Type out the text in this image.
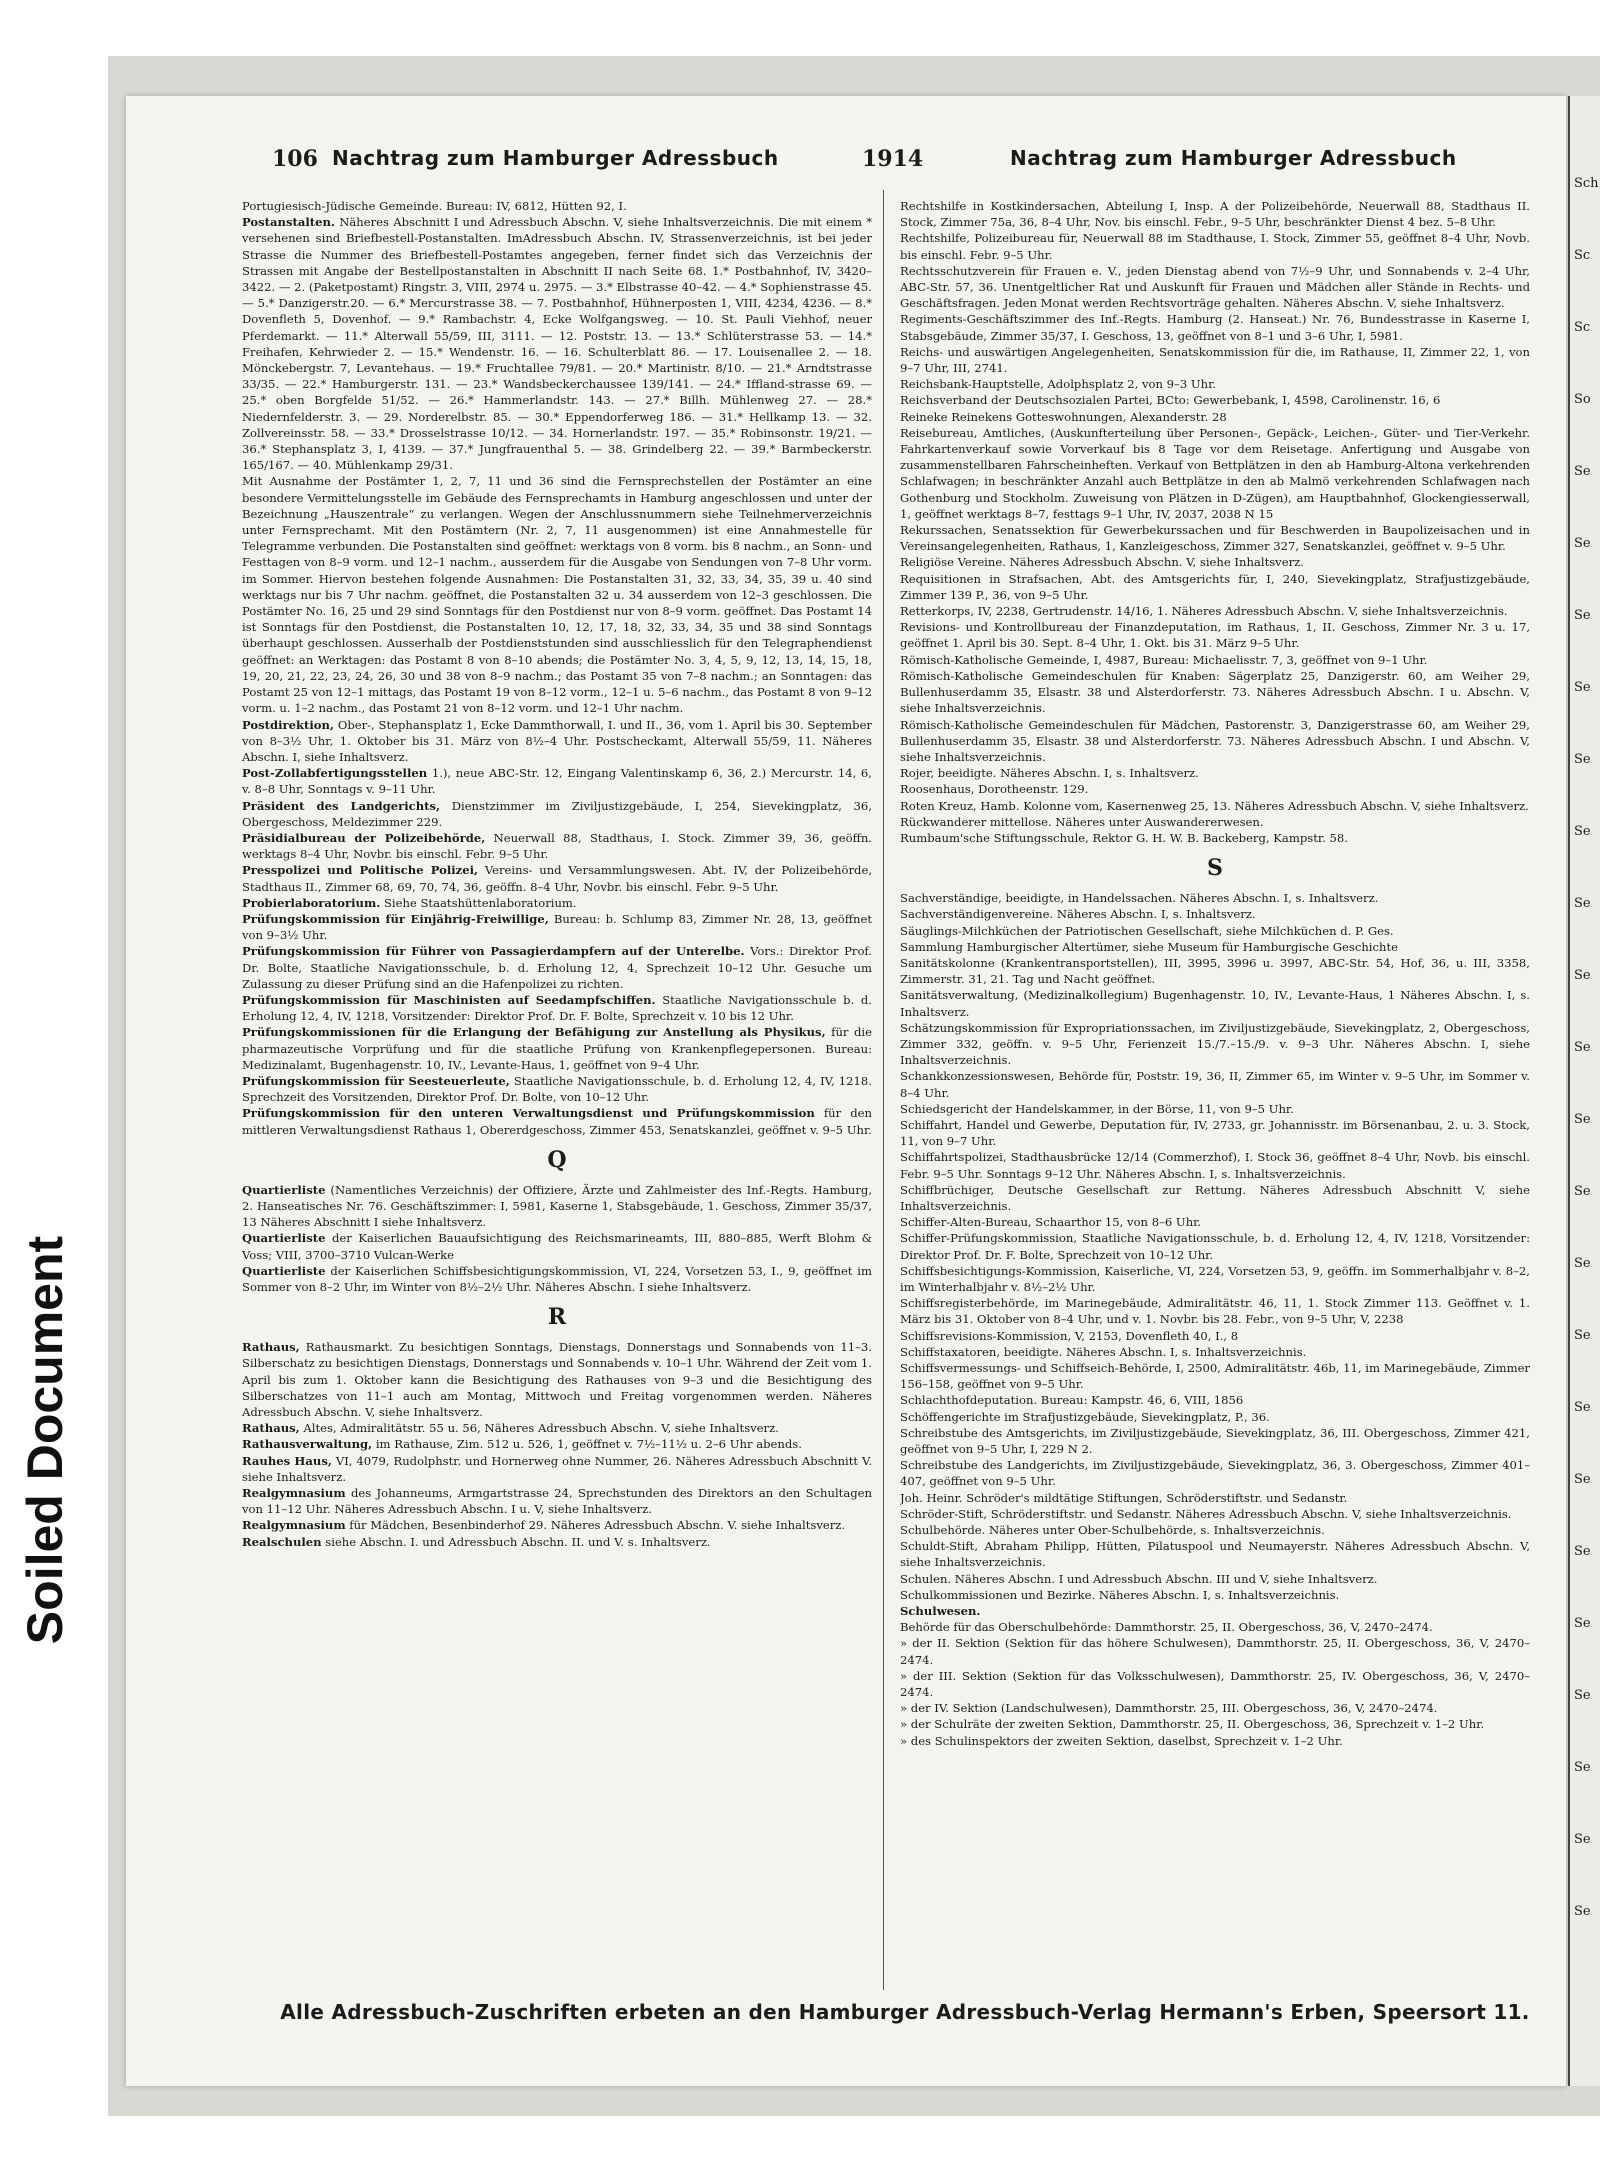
Soiled Document
Sch
Sc
Sc
So
Se
Se
Se
Se
Se
Se
Se
Se
Se
Se
Se
Se
Se
Se
Se
Se
Se
Se
Se
Se
Se
106 Nachtrag zum Hamburger Adressbuch	1914	Nachtrag zum Hamburger Adressbuch

Portugiesisch-Jüdische Gemeinde. Bureau: IV, 6812, Hütten 92, I.

Postanstalten. Näheres Abschnitt I und Adressbuch Abschn. V, siehe Inhaltsverzeichnis. Die mit einem * versehenen sind Briefbestell-Postanstalten. ImAdressbuch Abschn. IV, Strassenverzeichnis, ist bei jeder Strasse die Nummer des Briefbestell-Postamtes angegeben, ferner findet sich das Verzeichnis der Strassen mit Angabe der Bestellpostanstalten in Abschnitt II nach Seite 68. 1.* Postbahnhof, IV, 3420–3422. — 2. (Paketpostamt) Ringstr. 3, VIII, 2974 u. 2975. — 3.* Elbstrasse 40–42. — 4.* Sophienstrasse 45. — 5.* Danzigerstr.20. — 6.* Mercurstrasse 38. — 7. Postbahnhof, Hühnerposten 1, VIII, 4234, 4236. — 8.* Dovenfleth 5, Dovenhof. — 9.* Rambachstr. 4, Ecke Wolfgangsweg. — 10. St. Pauli Viehhof, neuer Pferdemarkt. — 11.* Alterwall 55/59, III, 3111. — 12. Poststr. 13. — 13.* Schlüterstrasse 53. — 14.* Freihafen, Kehrwieder 2. — 15.* Wendenstr. 16. — 16. Schulterblatt 86. — 17. Louisenallee 2. — 18. Mönckebergstr. 7, Levantehaus. — 19.* Fruchtallee 79/81. — 20.* Martinistr. 8/10. — 21.* Arndtstrasse 33/35. — 22.* Hamburgerstr. 131. — 23.* Wandsbeckerchaussee 139/141. — 24.* Iffland-strasse 69. — 25.* oben Borgfelde 51/52. — 26.* Hammerlandstr. 143. — 27.* Billh. Mühlenweg 27. — 28.* Niedernfelderstr. 3. — 29. Norderelbstr. 85. — 30.* Eppendorferweg 186. — 31.* Hellkamp 13. — 32. Zollvereinsstr. 58. — 33.* Drosselstrasse 10/12. — 34. Hornerlandstr. 197. — 35.* Robinsonstr. 19/21. — 36.* Stephansplatz 3, I, 4139. — 37.* Jungfrauenthal 5. — 38. Grindelberg 22. — 39.* Barmbeckerstr. 165/167. — 40. Mühlenkamp 29/31.

Mit Ausnahme der Postämter 1, 2, 7, 11 und 36 sind die Fernsprechstellen der Postämter an eine besondere Vermittelungsstelle im Gebäude des Fernsprechamts in Hamburg angeschlossen und unter der Bezeichnung „Hauszentrale“ zu verlangen. Wegen der Anschlussnummern siehe Teilnehmerverzeichnis unter Fernsprechamt. Mit den Postämtern (Nr. 2, 7, 11 ausgenommen) ist eine Annahmestelle für Telegramme verbunden. Die Postanstalten sind geöffnet: werktags von 8 vorm. bis 8 nachm., an Sonn- und Festtagen von 8–9 vorm. und 12–1 nachm., ausserdem für die Ausgabe von Sendungen von 7–8 Uhr vorm. im Sommer. Hiervon bestehen folgende Ausnahmen: Die Postanstalten 31, 32, 33, 34, 35, 39 u. 40 sind werktags nur bis 7 Uhr nachm. geöffnet, die Postanstalten 32 u. 34 ausserdem von 12–3 geschlossen. Die Postämter No. 16, 25 und 29 sind Sonntags für den Postdienst nur von 8–9 vorm. geöffnet. Das Postamt 14 ist Sonntags für den Postdienst, die Postanstalten 10, 12, 17, 18, 32, 33, 34, 35 und 38 sind Sonntags überhaupt geschlossen. Ausserhalb der Postdienststunden sind ausschliesslich für den Telegraphendienst geöffnet: an Werktagen: das Postamt 8 von 8–10 abends; die Postämter No. 3, 4, 5, 9, 12, 13, 14, 15, 18, 19, 20, 21, 22, 23, 24, 26, 30 und 38 von 8–9 nachm.; das Postamt 35 von 7–8 nachm.; an Sonntagen: das Postamt 25 von 12–1 mittags, das Postamt 19 von 8–12 vorm., 12–1 u. 5–6 nachm., das Postamt 8 von 9–12 vorm. u. 1–2 nachm., das Postamt 21 von 8–12 vorm. und 12–1 Uhr nachm.

Postdirektion, Ober-, Stephansplatz 1, Ecke Dammthorwall, I. und II., 36, vom 1. April bis 30. September von 8–3½ Uhr, 1. Oktober bis 31. März von 8½–4 Uhr. Postscheckamt, Alterwall 55/59, 11. Näheres Abschn. I, siehe Inhaltsverz.

Post-Zollabfertigungsstellen 1.), neue ABC-Str. 12, Eingang Valentinskamp 6, 36, 2.) Mercurstr. 14, 6, v. 8–8 Uhr, Sonntags v. 9–11 Uhr.

Präsident des Landgerichts, Dienstzimmer im Ziviljustizgebäude, I, 254, Sievekingplatz, 36, Obergeschoss, Meldezimmer 229.

Präsidialbureau der Polizeibehörde, Neuerwall 88, Stadthaus, I. Stock. Zimmer 39, 36, geöffn. werktags 8–4 Uhr, Novbr. bis einschl. Febr. 9–5 Uhr.

Presspolizei und Politische Polizei, Vereins- und Versammlungswesen. Abt. IV, der Polizeibehörde, Stadthaus II., Zimmer 68, 69, 70, 74, 36, geöffn. 8–4 Uhr, Novbr. bis einschl. Febr. 9–5 Uhr.

Probierlaboratorium. Siehe Staatshüttenlaboratorium.

Prüfungskommission für Einjährig-Freiwillige, Bureau: b. Schlump 83, Zimmer Nr. 28, 13, geöffnet von 9–3½ Uhr.

Prüfungskommission für Führer von Passagierdampfern auf der Unterelbe. Vors.: Direktor Prof. Dr. Bolte, Staatliche Navigationsschule, b. d. Erholung 12, 4, Sprechzeit 10–12 Uhr. Gesuche um Zulassung zu dieser Prüfung sind an die Hafenpolizei zu richten.

Prüfungskommission für Maschinisten auf Seedampfschiffen. Staatliche Navigationsschule b. d. Erholung 12, 4, IV, 1218, Vorsitzender: Direktor Prof. Dr. F. Bolte, Sprechzeit v. 10 bis 12 Uhr.

Prüfungskommissionen für die Erlangung der Befähigung zur Anstellung als Physikus, für die pharmazeutische Vorprüfung und für die staatliche Prüfung von Krankenpflegepersonen. Bureau: Medizinalamt, Bugenhagenstr. 10, IV., Levante-Haus, 1, geöffnet von 9–4 Uhr.

Prüfungskommission für Seesteuerleute, Staatliche Navigationsschule, b. d. Erholung 12, 4, IV, 1218. Sprechzeit des Vorsitzenden, Direktor Prof. Dr. Bolte, von 10–12 Uhr.

Prüfungskommission für den unteren Verwaltungsdienst und Prüfungskommission für den mittleren Verwaltungsdienst Rathaus 1, Obererdgeschoss, Zimmer 453, Senatskanzlei, geöffnet v. 9–5 Uhr.

Q

Quartierliste (Namentliches Verzeichnis) der Offiziere, Ärzte und Zahlmeister des Inf.-Regts. Hamburg, 2. Hanseatisches Nr. 76. Geschäftszimmer: I, 5981, Kaserne 1, Stabsgebäude, 1. Geschoss, Zimmer 35/37, 13 Näheres Abschnitt I siehe Inhaltsverz.

Quartierliste der Kaiserlichen Bauaufsichtigung des Reichsmarineamts, III, 880–885, Werft Blohm & Voss; VIII, 3700–3710 Vulcan-Werke

Quartierliste der Kaiserlichen Schiffsbesichtigungskommission, VI, 224, Vorsetzen 53, I., 9, geöffnet im Sommer von 8–2 Uhr, im Winter von 8½–2½ Uhr. Näheres Abschn. I siehe Inhaltsverz.

R

Rathaus, Rathausmarkt. Zu besichtigen Sonntags, Dienstags, Donnerstags und Sonnabends von 11–3. Silberschatz zu besichtigen Dienstags, Donnerstags und Sonnabends v. 10–1 Uhr. Während der Zeit vom 1. April bis zum 1. Oktober kann die Besichtigung des Rathauses von 9–3 und die Besichtigung des Silberschatzes von 11–1 auch am Montag, Mittwoch und Freitag vorgenommen werden. Näheres Adressbuch Abschn. V, siehe Inhaltsverz.

Rathaus, Altes, Admiralitätstr. 55 u. 56, Näheres Adressbuch Abschn. V, siehe Inhaltsverz.

Rathausverwaltung, im Rathause, Zim. 512 u. 526, 1, geöffnet v. 7½–11½ u. 2–6 Uhr abends.

Rauhes Haus, VI, 4079, Rudolphstr. und Hornerweg ohne Nummer, 26. Näheres Adressbuch Abschnitt V. siehe Inhaltsverz.

Realgymnasium des Johanneums, Armgartstrasse 24, Sprechstunden des Direktors an den Schultagen von 11–12 Uhr. Näheres Adressbuch Abschn. I u. V, siehe Inhaltsverz.

Realgymnasium für Mädchen, Besenbinderhof 29. Näheres Adressbuch Abschn. V. siehe Inhaltsverz.

Realschulen siehe Abschn. I. und Adressbuch Abschn. II. und V. s. Inhaltsverz.

Rechtshilfe in Kostkindersachen, Abteilung I, Insp. A der Polizeibehörde, Neuerwall 88, Stadthaus II. Stock, Zimmer 75a, 36, 8–4 Uhr, Nov. bis einschl. Febr., 9–5 Uhr, beschränkter Dienst 4 bez. 5–8 Uhr.

Rechtshilfe, Polizeibureau für, Neuerwall 88 im Stadthause, I. Stock, Zimmer 55, geöffnet 8–4 Uhr, Novb. bis einschl. Febr. 9–5 Uhr.

Rechtsschutzverein für Frauen e. V., jeden Dienstag abend von 7½–9 Uhr, und Sonnabends v. 2–4 Uhr, ABC-Str. 57, 36. Unentgeltlicher Rat und Auskunft für Frauen und Mädchen aller Stände in Rechts- und Geschäftsfragen. Jeden Monat werden Rechtsvorträge gehalten. Näheres Abschn. V, siehe Inhaltsverz.

Regiments-Geschäftszimmer des Inf.-Regts. Hamburg (2. Hanseat.) Nr. 76, Bundesstrasse in Kaserne I, Stabsgebäude, Zimmer 35/37, I. Geschoss, 13, geöffnet von 8–1 und 3–6 Uhr, I, 5981.

Reichs- und auswärtigen Angelegenheiten, Senatskommission für die, im Rathause, II, Zimmer 22, 1, von 9–7 Uhr, III, 2741.

Reichsbank-Hauptstelle, Adolphsplatz 2, von 9–3 Uhr.

Reichsverband der Deutschsozialen Partei, BCto: Gewerbebank, I, 4598, Carolinenstr. 16, 6

Reineke Reinekens Gotteswohnungen, Alexanderstr. 28

Reisebureau, Amtliches, (Auskunfterteilung über Personen-, Gepäck-, Leichen-, Güter- und Tier-Verkehr. Fahrkartenverkauf sowie Vorverkauf bis 8 Tage vor dem Reisetage. Anfertigung und Ausgabe von zusammenstellbaren Fahrscheinheften. Verkauf von Bettplätzen in den ab Hamburg-Altona verkehrenden Schlafwagen; in beschränkter Anzahl auch Bettplätze in den ab Malmö verkehrenden Schlafwagen nach Gothenburg und Stockholm. Zuweisung von Plätzen in D-Zügen), am Hauptbahnhof, Glockengiesserwall, 1, geöffnet werktags 8–7, festtags 9–1 Uhr, IV, 2037, 2038 N 15

Rekurssachen, Senatssektion für Gewerbekurssachen und für Beschwerden in Baupolizeisachen und in Vereinsangelegenheiten, Rathaus, 1, Kanzleigeschoss, Zimmer 327, Senatskanzlei, geöffnet v. 9–5 Uhr.

Religiöse Vereine. Näheres Adressbuch Abschn. V, siehe Inhaltsverz.

Requisitionen in Strafsachen, Abt. des Amtsgerichts für, I, 240, Sievekingplatz, Strafjustizgebäude, Zimmer 139 P., 36, von 9–5 Uhr.

Retterkorps, IV, 2238, Gertrudenstr. 14/16, 1. Näheres Adressbuch Abschn. V, siehe Inhaltsverzeichnis.

Revisions- und Kontrollbureau der Finanzdeputation, im Rathaus, 1, II. Geschoss, Zimmer Nr. 3 u. 17, geöffnet 1. April bis 30. Sept. 8–4 Uhr, 1. Okt. bis 31. März 9–5 Uhr.

Römisch-Katholische Gemeinde, I, 4987, Bureau: Michaelisstr. 7, 3, geöffnet von 9–1 Uhr.

Römisch-Katholische Gemeindeschulen für Knaben: Sägerplatz 25, Danzigerstr. 60, am Weiher 29, Bullenhuserdamm 35, Elsastr. 38 und Alsterdorferstr. 73. Näheres Adressbuch Abschn. I u. Abschn. V, siehe Inhaltsverzeichnis.

Römisch-Katholische Gemeindeschulen für Mädchen, Pastorenstr. 3, Danzigerstrasse 60, am Weiher 29, Bullenhuserdamm 35, Elsastr. 38 und Alsterdorferstr. 73. Näheres Adressbuch Abschn. I und Abschn. V, siehe Inhaltsverzeichnis.

Rojer, beeidigte. Näheres Abschn. I, s. Inhaltsverz.

Roosenhaus, Dorotheenstr. 129.

Roten Kreuz, Hamb. Kolonne vom, Kasernenweg 25, 13. Näheres Adressbuch Abschn. V, siehe Inhaltsverz.

Rückwanderer mittellose. Näheres unter Auswandererwesen.

Rumbaum'sche Stiftungsschule, Rektor G. H. W. B. Backeberg, Kampstr. 58.

S

Sachverständige, beeidigte, in Handelssachen. Näheres Abschn. I, s. Inhaltsverz.

Sachverständigenvereine. Näheres Abschn. I, s. Inhaltsverz.

Säuglings-Milchküchen der Patriotischen Gesellschaft, siehe Milchküchen d. P. Ges.

Sammlung Hamburgischer Altertümer, siehe Museum für Hamburgische Geschichte

Sanitätskolonne (Krankentransportstellen), III, 3995, 3996 u. 3997, ABC-Str. 54, Hof, 36, u. III, 3358, Zimmerstr. 31, 21. Tag und Nacht geöffnet.

Sanitätsverwaltung, (Medizinalkollegium) Bugenhagenstr. 10, IV., Levante-Haus, 1 Näheres Abschn. I, s. Inhaltsverz.

Schätzungskommission für Expropriationssachen, im Ziviljustizgebäude, Sievekingplatz, 2, Obergeschoss, Zimmer 332, geöffn. v. 9–5 Uhr, Ferienzeit 15./7.–15./9. v. 9–3 Uhr. Näheres Abschn. I, siehe Inhaltsverzeichnis.

Schankkonzessionswesen, Behörde für, Poststr. 19, 36, II, Zimmer 65, im Winter v. 9–5 Uhr, im Sommer v. 8–4 Uhr.

Schiedsgericht der Handelskammer, in der Börse, 11, von 9–5 Uhr.

Schiffahrt, Handel und Gewerbe, Deputation für, IV, 2733, gr. Johannisstr. im Börsenanbau, 2. u. 3. Stock, 11, von 9–7 Uhr.

Schiffahrtspolizei, Stadthausbrücke 12/14 (Commerzhof), I. Stock 36, geöffnet 8–4 Uhr, Novb. bis einschl. Febr. 9–5 Uhr. Sonntags 9–12 Uhr. Näheres Abschn. I, s. Inhaltsverzeichnis.

Schiffbrüchiger, Deutsche Gesellschaft zur Rettung. Näheres Adressbuch Abschnitt V, siehe Inhaltsverzeichnis.

Schiffer-Alten-Bureau, Schaarthor 15, von 8–6 Uhr.

Schiffer-Prüfungskommission, Staatliche Navigationsschule, b. d. Erholung 12, 4, IV, 1218, Vorsitzender: Direktor Prof. Dr. F. Bolte, Sprechzeit von 10–12 Uhr.

Schiffsbesichtigungs-Kommission, Kaiserliche, VI, 224, Vorsetzen 53, 9, geöffn. im Sommerhalbjahr v. 8–2, im Winterhalbjahr v. 8½–2½ Uhr.

Schiffsregisterbehörde, im Marinegebäude, Admiralitätstr. 46, 11, 1. Stock Zimmer 113. Geöffnet v. 1. März bis 31. Oktober von 8–4 Uhr, und v. 1. Novbr. bis 28. Febr., von 9–5 Uhr, V, 2238

Schiffsrevisions-Kommission, V, 2153, Dovenfleth 40, I., 8

Schiffstaxatoren, beeidigte. Näheres Abschn. I, s. Inhaltsverzeichnis.

Schiffsvermessungs- und Schiffseich-Behörde, I, 2500, Admiralitätstr. 46b, 11, im Marinegebäude, Zimmer 156–158, geöffnet von 9–5 Uhr.

Schlachthofdeputation. Bureau: Kampstr. 46, 6, VIII, 1856

Schöffengerichte im Strafjustizgebäude, Sievekingplatz, P., 36.

Schreibstube des Amtsgerichts, im Ziviljustizgebäude, Sievekingplatz, 36, III. Obergeschoss, Zimmer 421, geöffnet von 9–5 Uhr, I, 229 N 2.

Schreibstube des Landgerichts, im Ziviljustizgebäude, Sievekingplatz, 36, 3. Obergeschoss, Zimmer 401–407, geöffnet von 9–5 Uhr.

Joh. Heinr. Schröder's mildtätige Stiftungen, Schröderstiftstr. und Sedanstr.

Schröder-Stift, Schröderstiftstr. und Sedanstr. Näheres Adressbuch Abschn. V, siehe Inhaltsverzeichnis.

Schulbehörde. Näheres unter Ober-Schulbehörde, s. Inhaltsverzeichnis.

Schuldt-Stift, Abraham Philipp, Hütten, Pilatuspool und Neumayerstr. Näheres Adressbuch Abschn. V, siehe Inhaltsverzeichnis.

Schulen. Näheres Abschn. I und Adressbuch Abschn. III und V, siehe Inhaltsverz.

Schulkommissionen und Bezirke. Näheres Abschn. I, s. Inhaltsverzeichnis.

Schulwesen.

Behörde für das Oberschulbehörde: Dammthorstr. 25, II. Obergeschoss, 36, V, 2470–2474.

» der II. Sektion (Sektion für das höhere Schulwesen), Dammthorstr. 25, II. Obergeschoss, 36, V, 2470–2474.

» der III. Sektion (Sektion für das Volksschulwesen), Dammthorstr. 25, IV. Obergeschoss, 36, V, 2470–2474.

» der IV. Sektion (Landschulwesen), Dammthorstr. 25, III. Obergeschoss, 36, V, 2470–2474.

» der Schulräte der zweiten Sektion, Dammthorstr. 25, II. Obergeschoss, 36, Sprechzeit v. 1–2 Uhr.

» des Schulinspektors der zweiten Sektion, daselbst, Sprechzeit v. 1–2 Uhr.

Alle Adressbuch-Zuschriften erbeten an den Hamburger Adressbuch-Verlag Hermann's Erben, Speersort 11.
